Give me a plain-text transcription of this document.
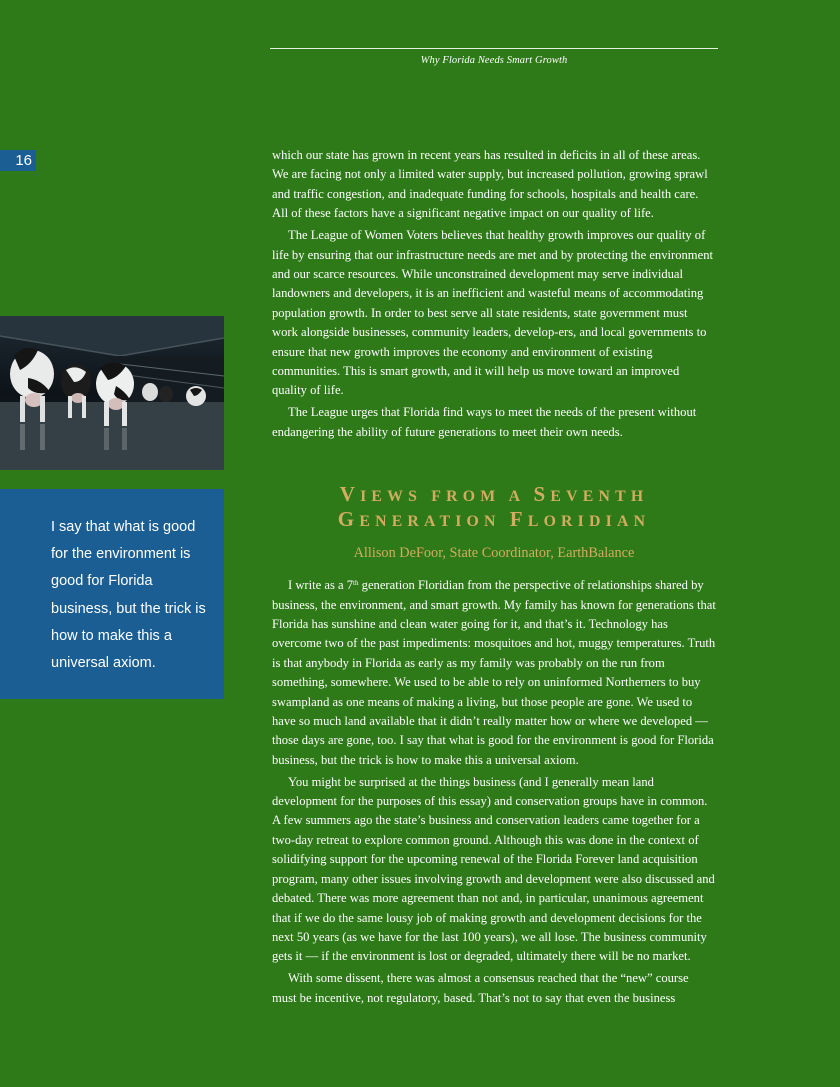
Why Florida Needs Smart Growth
16
I say that what is good for the environment is good for Florida business, but the trick is how to make this a universal axiom.

which our state has grown in recent years has resulted in deficits in all of these areas. We are facing not only a limited water supply, but increased pollution, growing sprawl and traffic congestion, and inadequate funding for schools, hospitals and health care. All of these factors have a significant negative impact on our quality of life.

The League of Women Voters believes that healthy growth improves our quality of life by ensuring that our infrastructure needs are met and by protecting the environment and our scarce resources. While unconstrained development may serve individual landowners and developers, it is an inefficient and wasteful means of accommodating population growth. In order to best serve all state residents, state government must work alongside businesses, community leaders, develop-ers, and local governments to ensure that new growth improves the economy and environment of existing communities. This is smart growth, and it will help us move toward an improved quality of life.

The League urges that Florida find ways to meet the needs of the present without endangering the ability of future generations to meet their own needs.

VIEWS FROM A SEVENTH
GENERATION FLORIDIAN
Allison DeFoor, State Coordinator, EarthBalance

I write as a 7th generation Floridian from the perspective of relationships shared by business, the environment, and smart growth. My family has known for generations that Florida has sunshine and clean water going for it, and that’s it. Technology has overcome two of the past impediments: mosquitoes and hot, muggy temperatures. Truth is that anybody in Florida as early as my family was probably on the run from something, somewhere. We used to be able to rely on uninformed Northerners to buy swampland as one means of making a living, but those people are gone. We used to have so much land available that it didn’t really matter how or where we developed — those days are gone, too. I say that what is good for the environment is good for Florida business, but the trick is how to make this a universal axiom.

You might be surprised at the things business (and I generally mean land development for the purposes of this essay) and conservation groups have in common. A few summers ago the state’s business and conservation leaders came together for a two-day retreat to explore common ground. Although this was done in the context of solidifying support for the upcoming renewal of the Florida Forever land acquisition program, many other issues involving growth and development were also discussed and debated. There was more agreement than not and, in particular, unanimous agreement that if we do the same lousy job of making growth and development decisions for the next 50 years (as we have for the last 100 years), we all lose. The business community gets it — if the environment is lost or degraded, ultimately there will be no market.

With some dissent, there was almost a consensus reached that the “new” course must be incentive, not regulatory, based. That’s not to say that even the business
